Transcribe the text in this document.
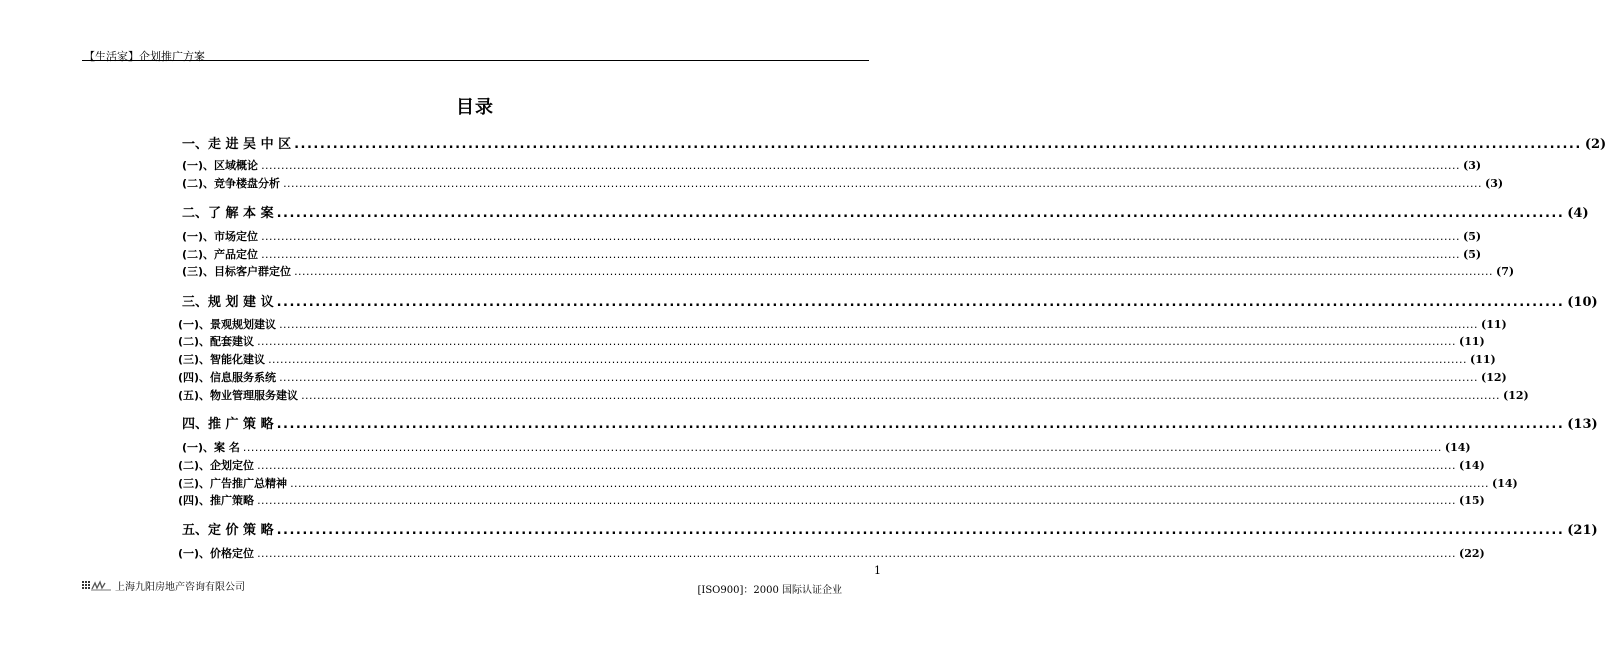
【生活家】企划推广方案
目录
一、走 进 吴 中 区 ........................................................................................................................................................................................................ (2)
(一)、区域概论 ............................................................................................................................................................................................................................................................................................................ (3)
(二)、竞争楼盘分析 ............................................................................................................................................................................................................................................................................................................ (3)
二、了 解 本 案 ........................................................................................................................................................................................................ (4)
(一)、市场定位 ............................................................................................................................................................................................................................................................................................................ (5)
(二)、产品定位 ............................................................................................................................................................................................................................................................................................................ (5)
(三)、目标客户群定位 ............................................................................................................................................................................................................................................................................................................ (7)
三、规 划 建 议 ........................................................................................................................................................................................................ (10)
(一)、景观规划建议 ............................................................................................................................................................................................................................................................................................................ (11)
(二)、配套建议 ............................................................................................................................................................................................................................................................................................................ (11)
(三)、智能化建议 ............................................................................................................................................................................................................................................................................................................ (11)
(四)、信息服务系统 ............................................................................................................................................................................................................................................................................................................ (12)
(五)、物业管理服务建议 ............................................................................................................................................................................................................................................................................................................ (12)
四、推 广 策 略 ........................................................................................................................................................................................................ (13)
(一)、案 名 ............................................................................................................................................................................................................................................................................................................ (14)
(二)、企划定位 ............................................................................................................................................................................................................................................................................................................ (14)
(三)、广告推广总精神 ............................................................................................................................................................................................................................................................................................................ (14)
(四)、推广策略 ............................................................................................................................................................................................................................................................................................................ (15)
五、定 价 策 略 ........................................................................................................................................................................................................ (21)
(一)、价格定位 ............................................................................................................................................................................................................................................................................................................ (22)
1
上海九阳房地产咨询有限公司	[ISO900]：2000 国际认证企业
